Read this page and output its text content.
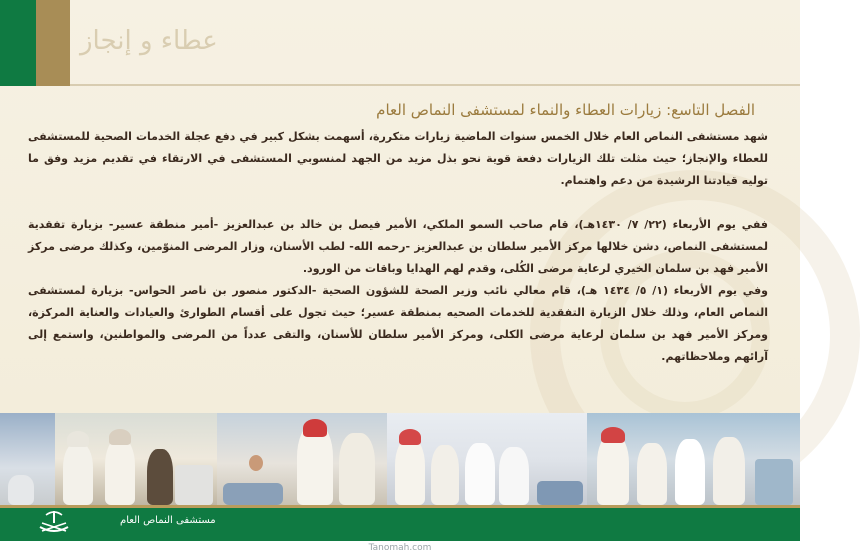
عطاء و إنجاز
الفصل التاسع: زيارات العطاء والنماء لمستشفى النماص العام

شهد مستشفى النماص العام خلال الخمس سنوات الماضية زيارات متكررة، أسهمت بشكل كبير في دفع عجلة الخدمات الصحية للمستشفى للعطاء والإنجاز؛ حيث مثلت تلك الزيارات دفعة قوية نحو بذل مزيد من الجهد لمنسوبي المستشفى في الارتقاء في تقديم مزيد وفق ما توليه قيادتنا الرشيدة من دعم واهتمام.

ففي يوم الأربعاء (٢٢/ ٧/ ١٤٣٠هـ)، قام صاحب السمو الملكي، الأمير فيصل بن خالد بن عبدالعزيز -أمير منطقة عسير- بزيارة تفقدية لمستشفى النماص، دشن خلالها مركز الأمير سلطان بن عبدالعزيز -رحمه الله- لطب الأسنان، وزار المرضى المنوّمين، وكذلك مرضى مركز الأمير فهد بن سلمان الخيري لرعاية مرضى الكُلى، وقدم لهم الهدايا وباقات من الورود.

وفي يوم الأربعاء (١/ ٥/ ١٤٣٤ هـ)، قام معالي نائب وزير الصحة للشؤون الصحية -الدكتور منصور بن ناصر الحواس- بزيارة لمستشفى النماص العام، وذلك خلال الزيارة التفقدية للخدمات الصحيه بمنطقة عسير؛ حيث تجول على أقسام الطوارئ والعيادات والعناية المركزة، ومركز الأمير فهد بن سلمان لرعاية مرضى الكلى، ومركز الأمير سلطان للأسنان، والتقى عدداً من المرضى والمواطنين، واستمع إلى آرائهم وملاحظاتهم.

مستشفى النماص العام
Tanomah.com
